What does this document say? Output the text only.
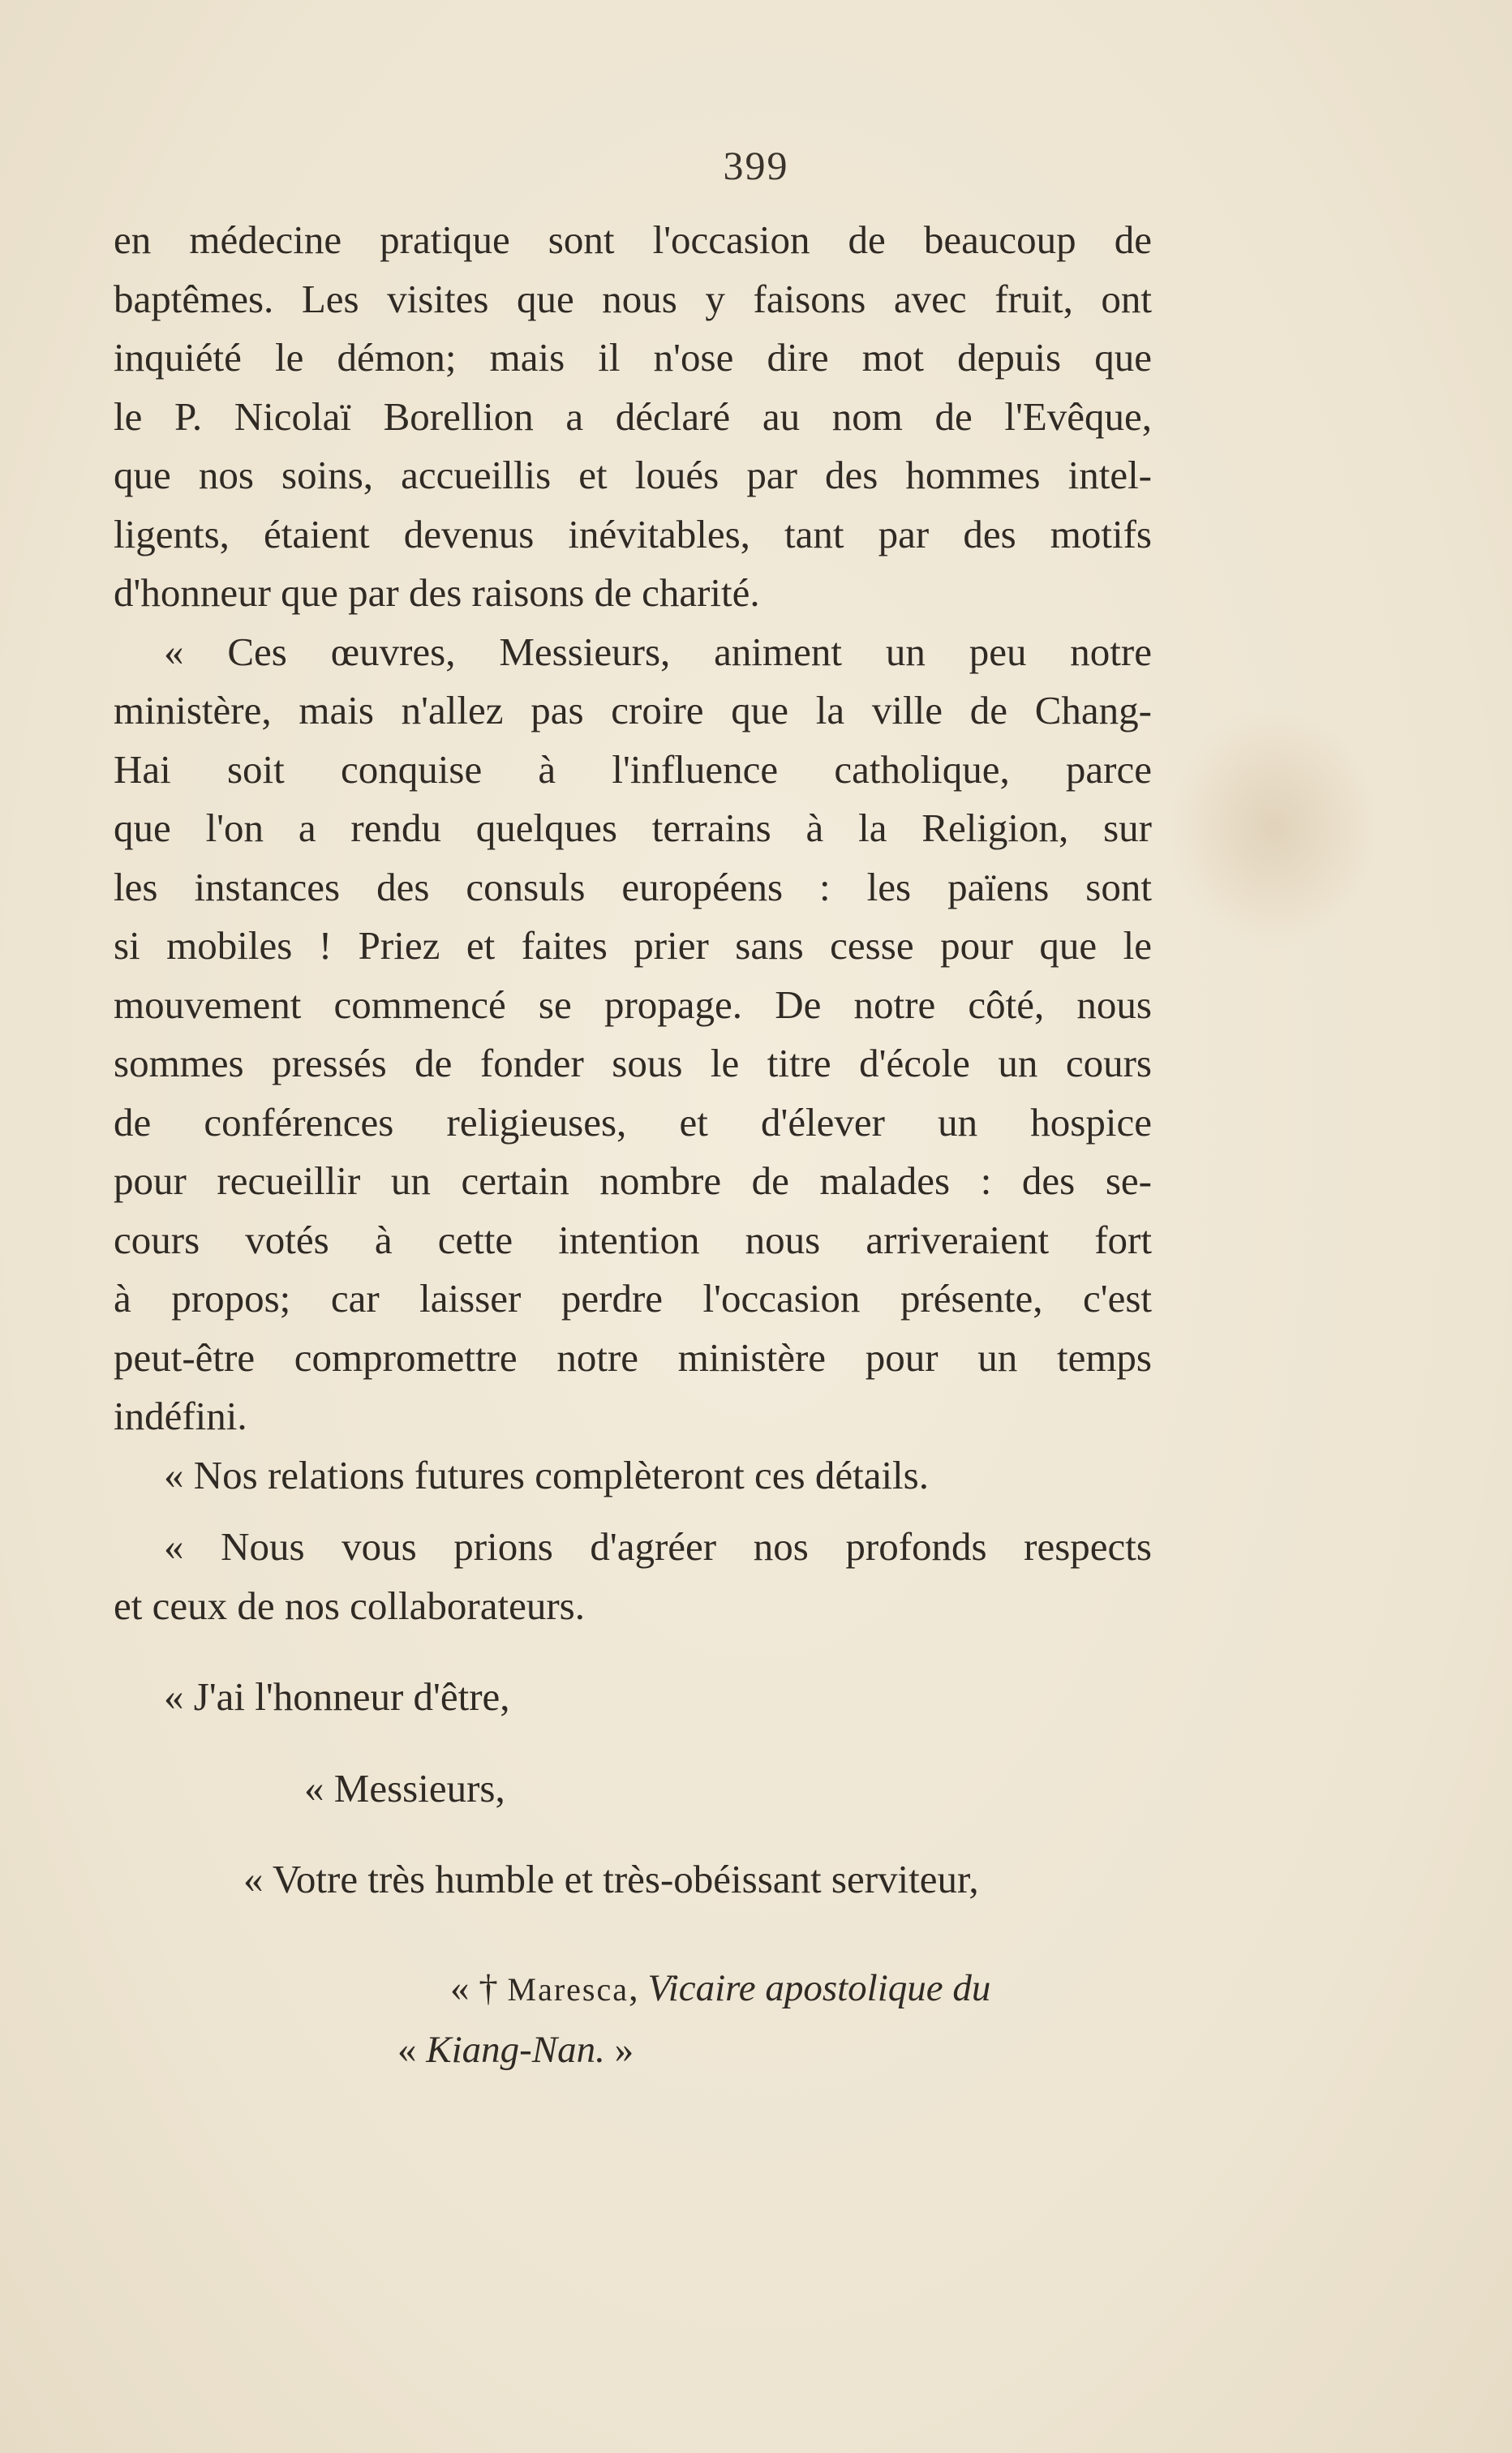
399
en médecine pratique sont l'occasion de beaucoup de
baptêmes. Les visites que nous y faisons avec fruit, ont
inquiété le démon; mais il n'ose dire mot depuis que
le P. Nicolaï Borellion a déclaré au nom de l'Evêque,
que nos soins, accueillis et loués par des hommes intel-
ligents, étaient devenus inévitables, tant par des motifs
d'honneur que par des raisons de charité.
« Ces œuvres, Messieurs, animent un peu notre
ministère, mais n'allez pas croire que la ville de Chang-
Hai soit conquise à l'influence catholique, parce
que l'on a rendu quelques terrains à la Religion, sur
les instances des consuls européens : les païens sont
si mobiles ! Priez et faites prier sans cesse pour que le
mouvement commencé se propage. De notre côté, nous
sommes pressés de fonder sous le titre d'école un cours
de conférences religieuses, et d'élever un hospice
pour recueillir un certain nombre de malades : des se-
cours votés à cette intention nous arriveraient fort
à propos; car laisser perdre l'occasion présente, c'est
peut-être compromettre notre ministère pour un temps
indéfini.
« Nos relations futures complèteront ces détails.
« Nous vous prions d'agréer nos profonds respects
et ceux de nos collaborateurs.
« J'ai l'honneur d'être,
« Messieurs,
« Votre très humble et très-obéissant serviteur,
« † Maresca, Vicaire apostolique du
« Kiang-Nan. »
